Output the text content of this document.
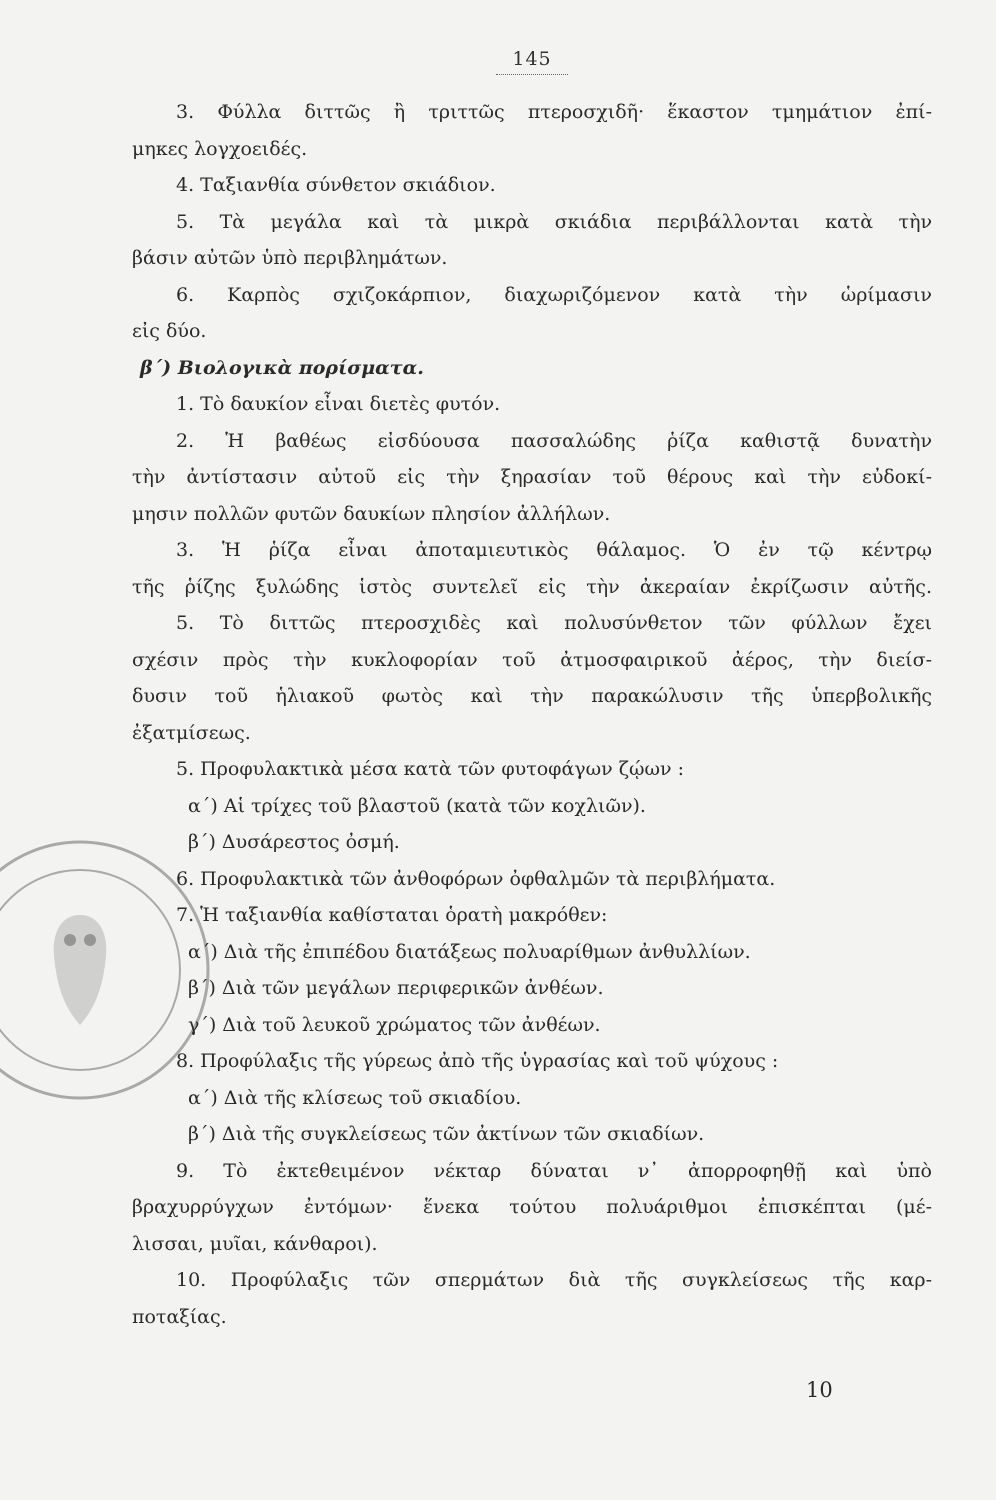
145
3. Φύλλα διττῶς ἢ τριττῶς πτεροσχιδῆ· ἕκαστον τμημάτιον ἐπί-
μηκες λογχοειδές.
4. Ταξιανθία σύνθετον σκιάδιον.
5. Τὰ μεγάλα καὶ τὰ μικρὰ σκιάδια περιβάλλονται κατὰ τὴν
βάσιν αὐτῶν ὑπὸ περιβλημάτων.
6. Καρπὸς σχιζοκάρπιον, διαχωριζόμενον κατὰ τὴν ὡρίμασιν
εἰς δύο.
β΄) Βιολογικὰ πορίσματα.
1. Τὸ δαυκίον εἶναι διετὲς φυτόν.
2. Ἡ βαθέως εἰσδύουσα πασσαλώδης ῥίζα καθιστᾷ δυνατὴν
τὴν ἀντίστασιν αὐτοῦ εἰς τὴν ξηρασίαν τοῦ θέρους καὶ τὴν εὐδοκί-
μησιν πολλῶν φυτῶν δαυκίων πλησίον ἀλλήλων.
3. Ἡ ῥίζα εἶναι ἀποταμιευτικὸς θάλαμος. Ὁ ἐν τῷ κέντρῳ
τῆς ῥίζης ξυλώδης ἱστὸς συντελεῖ εἰς τὴν ἀκεραίαν ἐκρίζωσιν αὐτῆς.
5. Τὸ διττῶς πτεροσχιδὲς καὶ πολυσύνθετον τῶν φύλλων ἔχει
σχέσιν πρὸς τὴν κυκλοφορίαν τοῦ ἀτμοσφαιρικοῦ ἀέρος, τὴν διείσ-
δυσιν τοῦ ἡλιακοῦ φωτὸς καὶ τὴν παρακώλυσιν τῆς ὑπερβολικῆς
ἐξατμίσεως.
5. Προφυλακτικὰ μέσα κατὰ τῶν φυτοφάγων ζῴων :
α΄) Αἱ τρίχες τοῦ βλαστοῦ (κατὰ τῶν κοχλιῶν).
β΄) Δυσάρεστος ὀσμή.
6. Προφυλακτικὰ τῶν ἀνθοφόρων ὀφθαλμῶν τὰ περιβλήματα.
7. Ἡ ταξιανθία καθίσταται ὁρατὴ μακρόθεν:
α΄) Διὰ τῆς ἐπιπέδου διατάξεως πολυαρίθμων ἀνθυλλίων.
β΄) Διὰ τῶν μεγάλων περιφερικῶν ἀνθέων.
γ΄) Διὰ τοῦ λευκοῦ χρώματος τῶν ἀνθέων.
8. Προφύλαξις τῆς γύρεως ἀπὸ τῆς ὑγρασίας καὶ τοῦ ψύχους :
α΄) Διὰ τῆς κλίσεως τοῦ σκιαδίου.
β΄) Διὰ τῆς συγκλείσεως τῶν ἀκτίνων τῶν σκιαδίων.
9. Τὸ ἐκτεθειμένον νέκταρ δύναται ν᾽ ἀπορροφηθῇ καὶ ὑπὸ
βραχυρρύγχων ἐντόμων· ἕνεκα τούτου πολυάριθμοι ἐπισκέπται (μέ-
λισσαι, μυῖαι, κάνθαροι).
10. Προφύλαξις τῶν σπερμάτων διὰ τῆς συγκλείσεως τῆς καρ-
ποταξίας.
10
